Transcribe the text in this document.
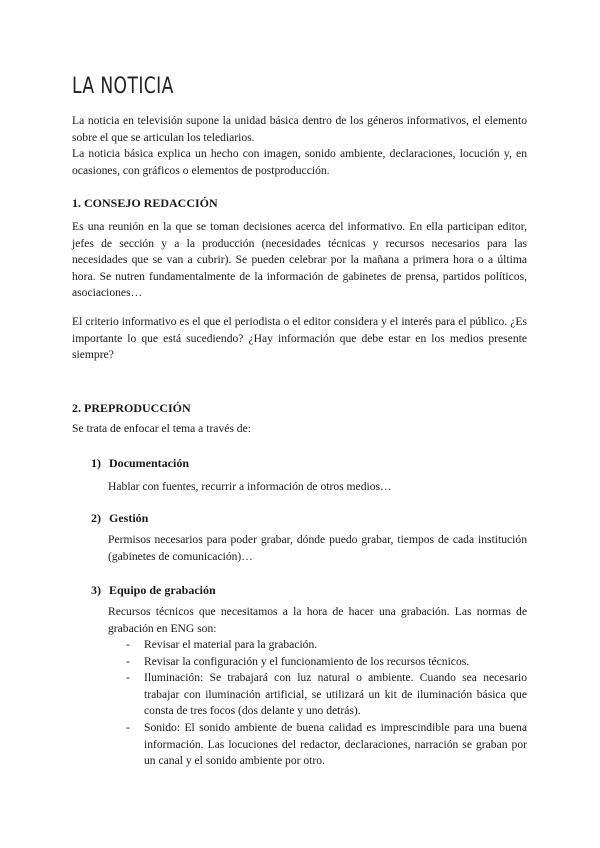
LA NOTICIA
La noticia en televisión supone la unidad básica dentro de los géneros informativos, el elemento sobre el que se articulan los telediarios.
La noticia básica explica un hecho con imagen, sonido ambiente, declaraciones, locución y, en ocasiones, con gráficos o elementos de postproducción.
1. CONSEJO REDACCIÓN
Es una reunión en la que se toman decisiones acerca del informativo. En ella participan editor, jefes de sección y a la producción (necesidades técnicas y recursos necesarios para las necesidades que se van a cubrir). Se pueden celebrar por la mañana a primera hora o a última hora. Se nutren fundamentalmente de la información de gabinetes de prensa, partidos políticos, asociaciones…
El criterio informativo es el que el periodista o el editor considera y el interés para el público. ¿Es importante lo que está sucediendo? ¿Hay información que debe estar en los medios presente siempre?
2. PREPRODUCCIÓN
Se trata de enfocar el tema a través de:
1) Documentación
Hablar con fuentes, recurrir a información de otros medios…
2) Gestión
Permisos necesarios para poder grabar, dónde puedo grabar, tiempos de cada institución (gabinetes de comunicación)…
3) Equipo de grabación
Recursos técnicos que necesitamos a la hora de hacer una grabación. Las normas de grabación en ENG son:
- Revisar el material para la grabación.
- Revisar la configuración y el funcionamiento de los recursos técnicos.
- Iluminación: Se trabajará con luz natural o ambiente. Cuando sea necesario trabajar con iluminación artificial, se utilizará un kit de iluminación básica que consta de tres focos (dos delante y uno detrás).
- Sonido: El sonido ambiente de buena calidad es imprescindible para una buena información. Las locuciones del redactor, declaraciones, narración se graban por un canal y el sonido ambiente por otro.
